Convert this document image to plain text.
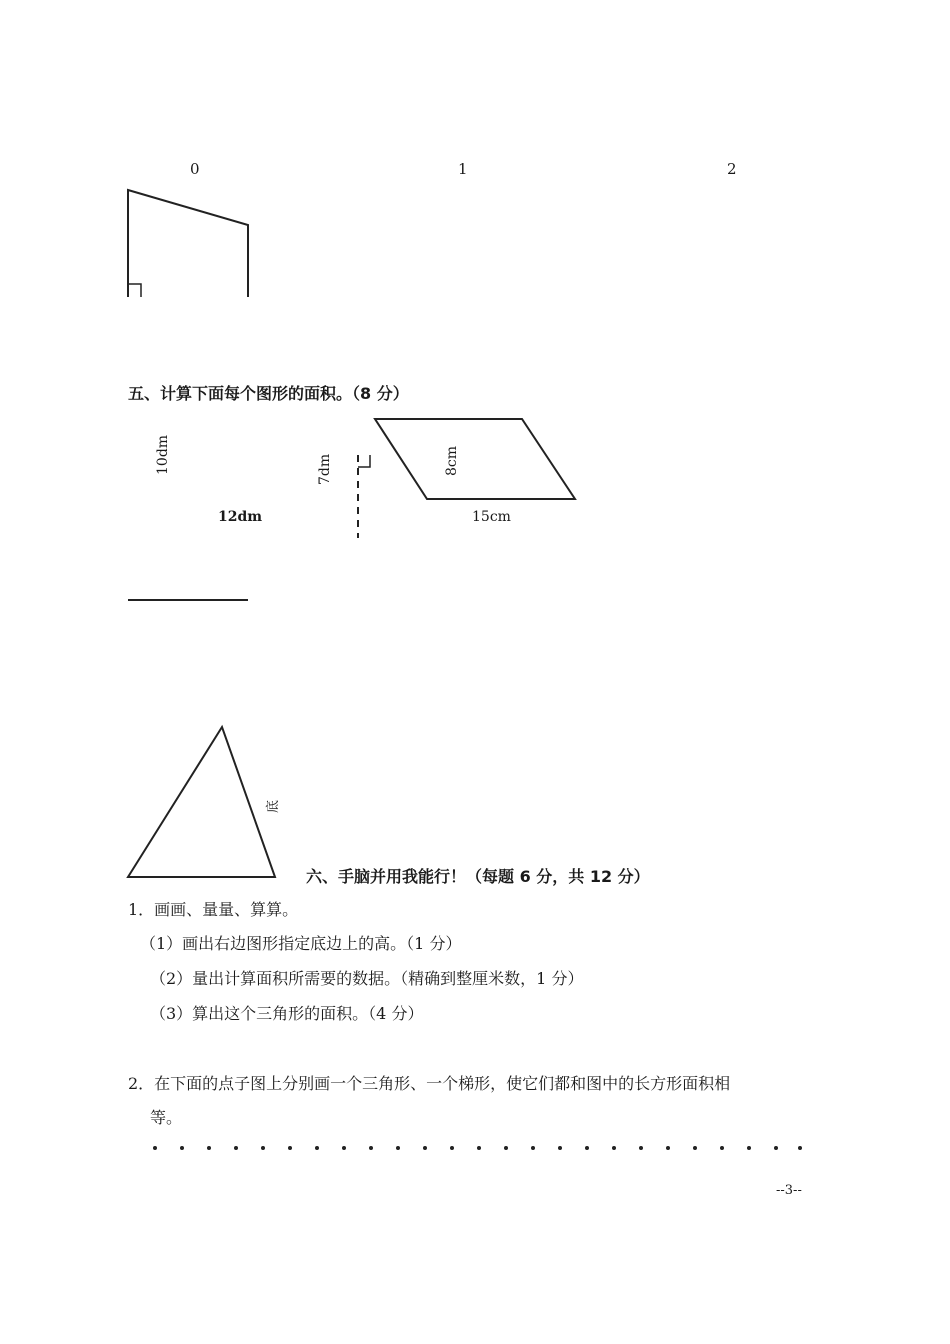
0	1	2
五、计算下面每个图形的面积。（8 分）
10dm
12dm
7dm	8cm
15cm
底
六、手脑并用我能行！（每题 6 分，共 12 分）
1．画画、量量、算算。
（1）画出右边图形指定底边上的高。（1 分）
（2）量出计算面积所需要的数据。（精确到整厘米数，1 分）
（3）算出这个三角形的面积。（4 分）
2．在下面的点子图上分别画一个三角形、一个梯形，使它们都和图中的长方形面积相
等。
--3--
